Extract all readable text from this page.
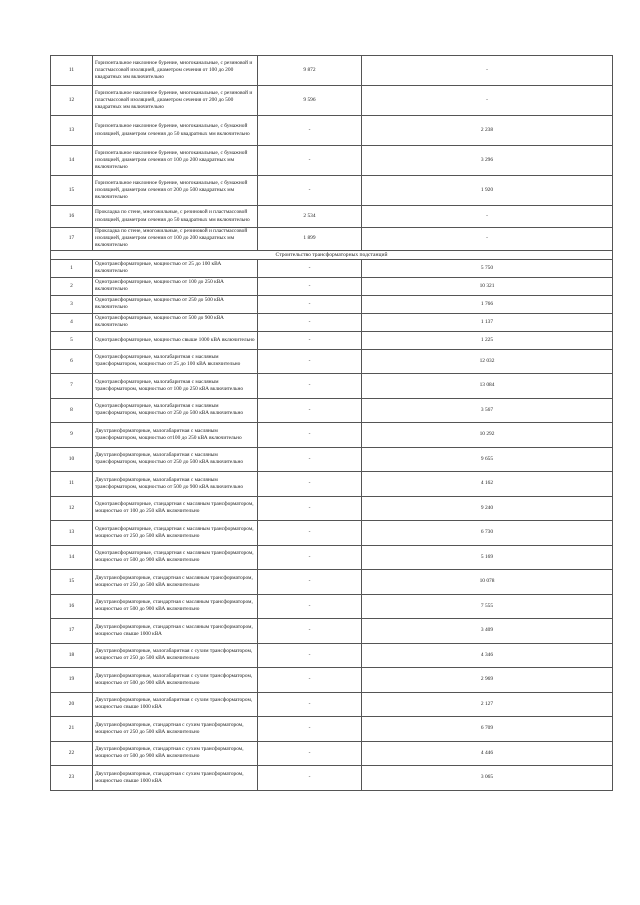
11	Горизонтальное наклонное бурение, многоканальные, с резиновой и пластмассовой изоляцией, диаметром сечения от 100 до 200 квадратных мм включительно	9 872	-
12	Горизонтальное наклонное бурение, многоканальные, с резиновой и пластмассовой изоляцией, диаметром сечения от 200 до 500 квадратных мм включительно	9 596	-
13	Горизонтальное наклонное бурение, многоканальные, с бумажной изоляцией, диаметром сечения до 50 квадратных мм включительно	-	2 238
14	Горизонтальное наклонное бурение, многоканальные, с бумажной изоляцией, диаметром сечения от 100 до 200 квадратных мм включительно	-	3 296
15	Горизонтальное наклонное бурение, многоканальные, с бумажной изоляцией, диаметром сечения от 200 до 500 квадратных мм включительно	-	1 920
16	Прокладка по стене, многожильные, с резиновой и пластмассовой изоляцией, диаметром сечения до 50 квадратных мм включительно	2 534	-
17	Прокладка по стене, многожильные, с резиновой и пластмассовой изоляцией, диаметром сечения от 100 до 200 квадратных мм включительно	1 899	-
Строительство трансформаторных подстанций			
1	Однотрансформаторные, мощностью от 25 до 100 кВА включительно	-	5 750
2	Однотрансформаторные, мощностью от 100 до 250 кВА включительно	-	10 321
3	Однотрансформаторные, мощностью от 250 до 500 кВА включительно	-	1 766
4	Однотрансформаторные, мощностью от 500 до 900 кВА включительно	-	1 137
5	Однотрансформаторные, мощностью свыше 1000 кВА включительно	-	1 225
6	Однотрансформаторные, малогабаритная с масляным трансформатором, мощностью от 25 до 100 кВА включительно	-	12 032
7	Однотрансформаторные, малогабаритная с масляным трансформатором, мощностью от 100 до 250 кВА включительно	-	13 084
8	Однотрансформаторные, малогабаритная с масляным трансформатором, мощностью от 250 до 500 кВА включительно	-	3 567
9	Двухтрансформаторные, малогабаритная с масляным трансформатором, мощностью от100 до 250 кВА включительно	-	10 292
10	Двухтрансформаторные, малогабаритная с масляным трансформатором, мощностью от 250 до 500 кВА включительно	-	9 655
11	Двухтрансформаторные, малогабаритная с масляным трансформатором, мощностью от 500 до 900 кВА включительно	-	4 162
12	Однотрансформаторные, стандартная с масляным трансформатором, мощностью от 100 до 250 кВА включительно	-	9 240
13	Однотрансформаторные, стандартная с масляным трансформатором, мощностью от 250 до 500 кВА включительно	-	6 730
14	Однотрансформаторные, стандартная с масляным трансформатором, мощностью от 500 до 900 кВА включительно	-	5 169
15	Двухтрансформаторные, стандартная с масляным трансформатором, мощностью от 250 до 500 кВА включительно	-	10 078
16	Двухтрансформаторные, стандартная с масляным трансформатором, мощностью от 500 до 900 кВА включительно	-	7 555
17	Двухтрансформаторные, стандартная с масляным трансформатором, мощностью свыше 1000 кВА	-	3 409
18	Двухтрансформаторные, малогабаритная с сухим трансформатором, мощностью от 250 до 500 кВА включительно	-	4 346
19	Двухтрансформаторные, малогабаритная с сухим трансформатором, мощностью от 500 до 900 кВА включительно	-	2 969
20	Двухтрансформаторные, малогабаритная с сухим трансформатором, мощностью свыше 1000 кВА	-	2 127
21	Двухтрансформаторные, стандартная с сухим трансформатором, мощностью от 250 до 500 кВА включительно	-	6 709
22	Двухтрансформаторные, стандартная с сухим трансформатором, мощностью от 500 до 900 кВА включительно	-	4 446
23	Двухтрансформаторные, стандартная с сухим трансформатором, мощностью свыше 1000 кВА	-	3 065
